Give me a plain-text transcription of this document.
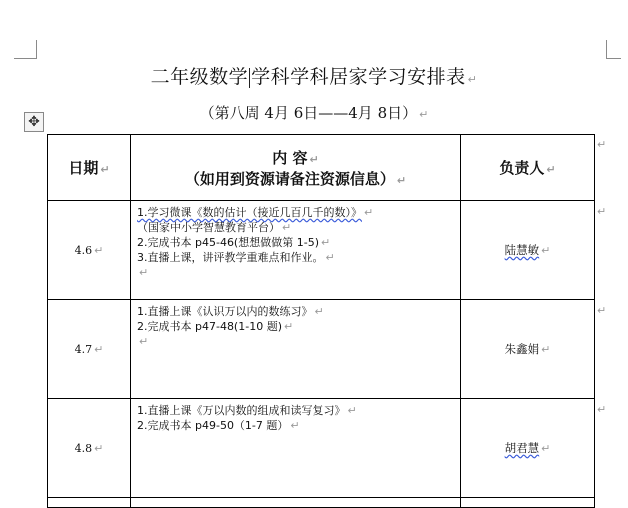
二年级数学 学科学科居家学习安排表 ↵
（第八周 4月 6日——4月 8日） ↵
✥
日期 ↵	内 容 ↵
（如用到资源请备注资源信息） ↵	负责人 ↵
4.6 ↵	1.学习微课《数的估计（接近几百几千的数）》 ↵
（国家中小学智慧教育平台） ↵
2.完成书本 p45-46(想想做做第 1-5) ↵
3.直播上课，讲评教学重难点和作业。 ↵
↵	陆慧敏 ↵
4.7 ↵	1.直播上课《认识万以内的数练习》 ↵
2.完成书本 p47-48(1-10 题) ↵
↵	朱鑫娟 ↵
4.8 ↵	1.直播上课《万以内数的组成和读写复习》 ↵
2.完成书本 p49-50（1-7 题） ↵	胡君慧 ↵

↵
↵
↵
↵
